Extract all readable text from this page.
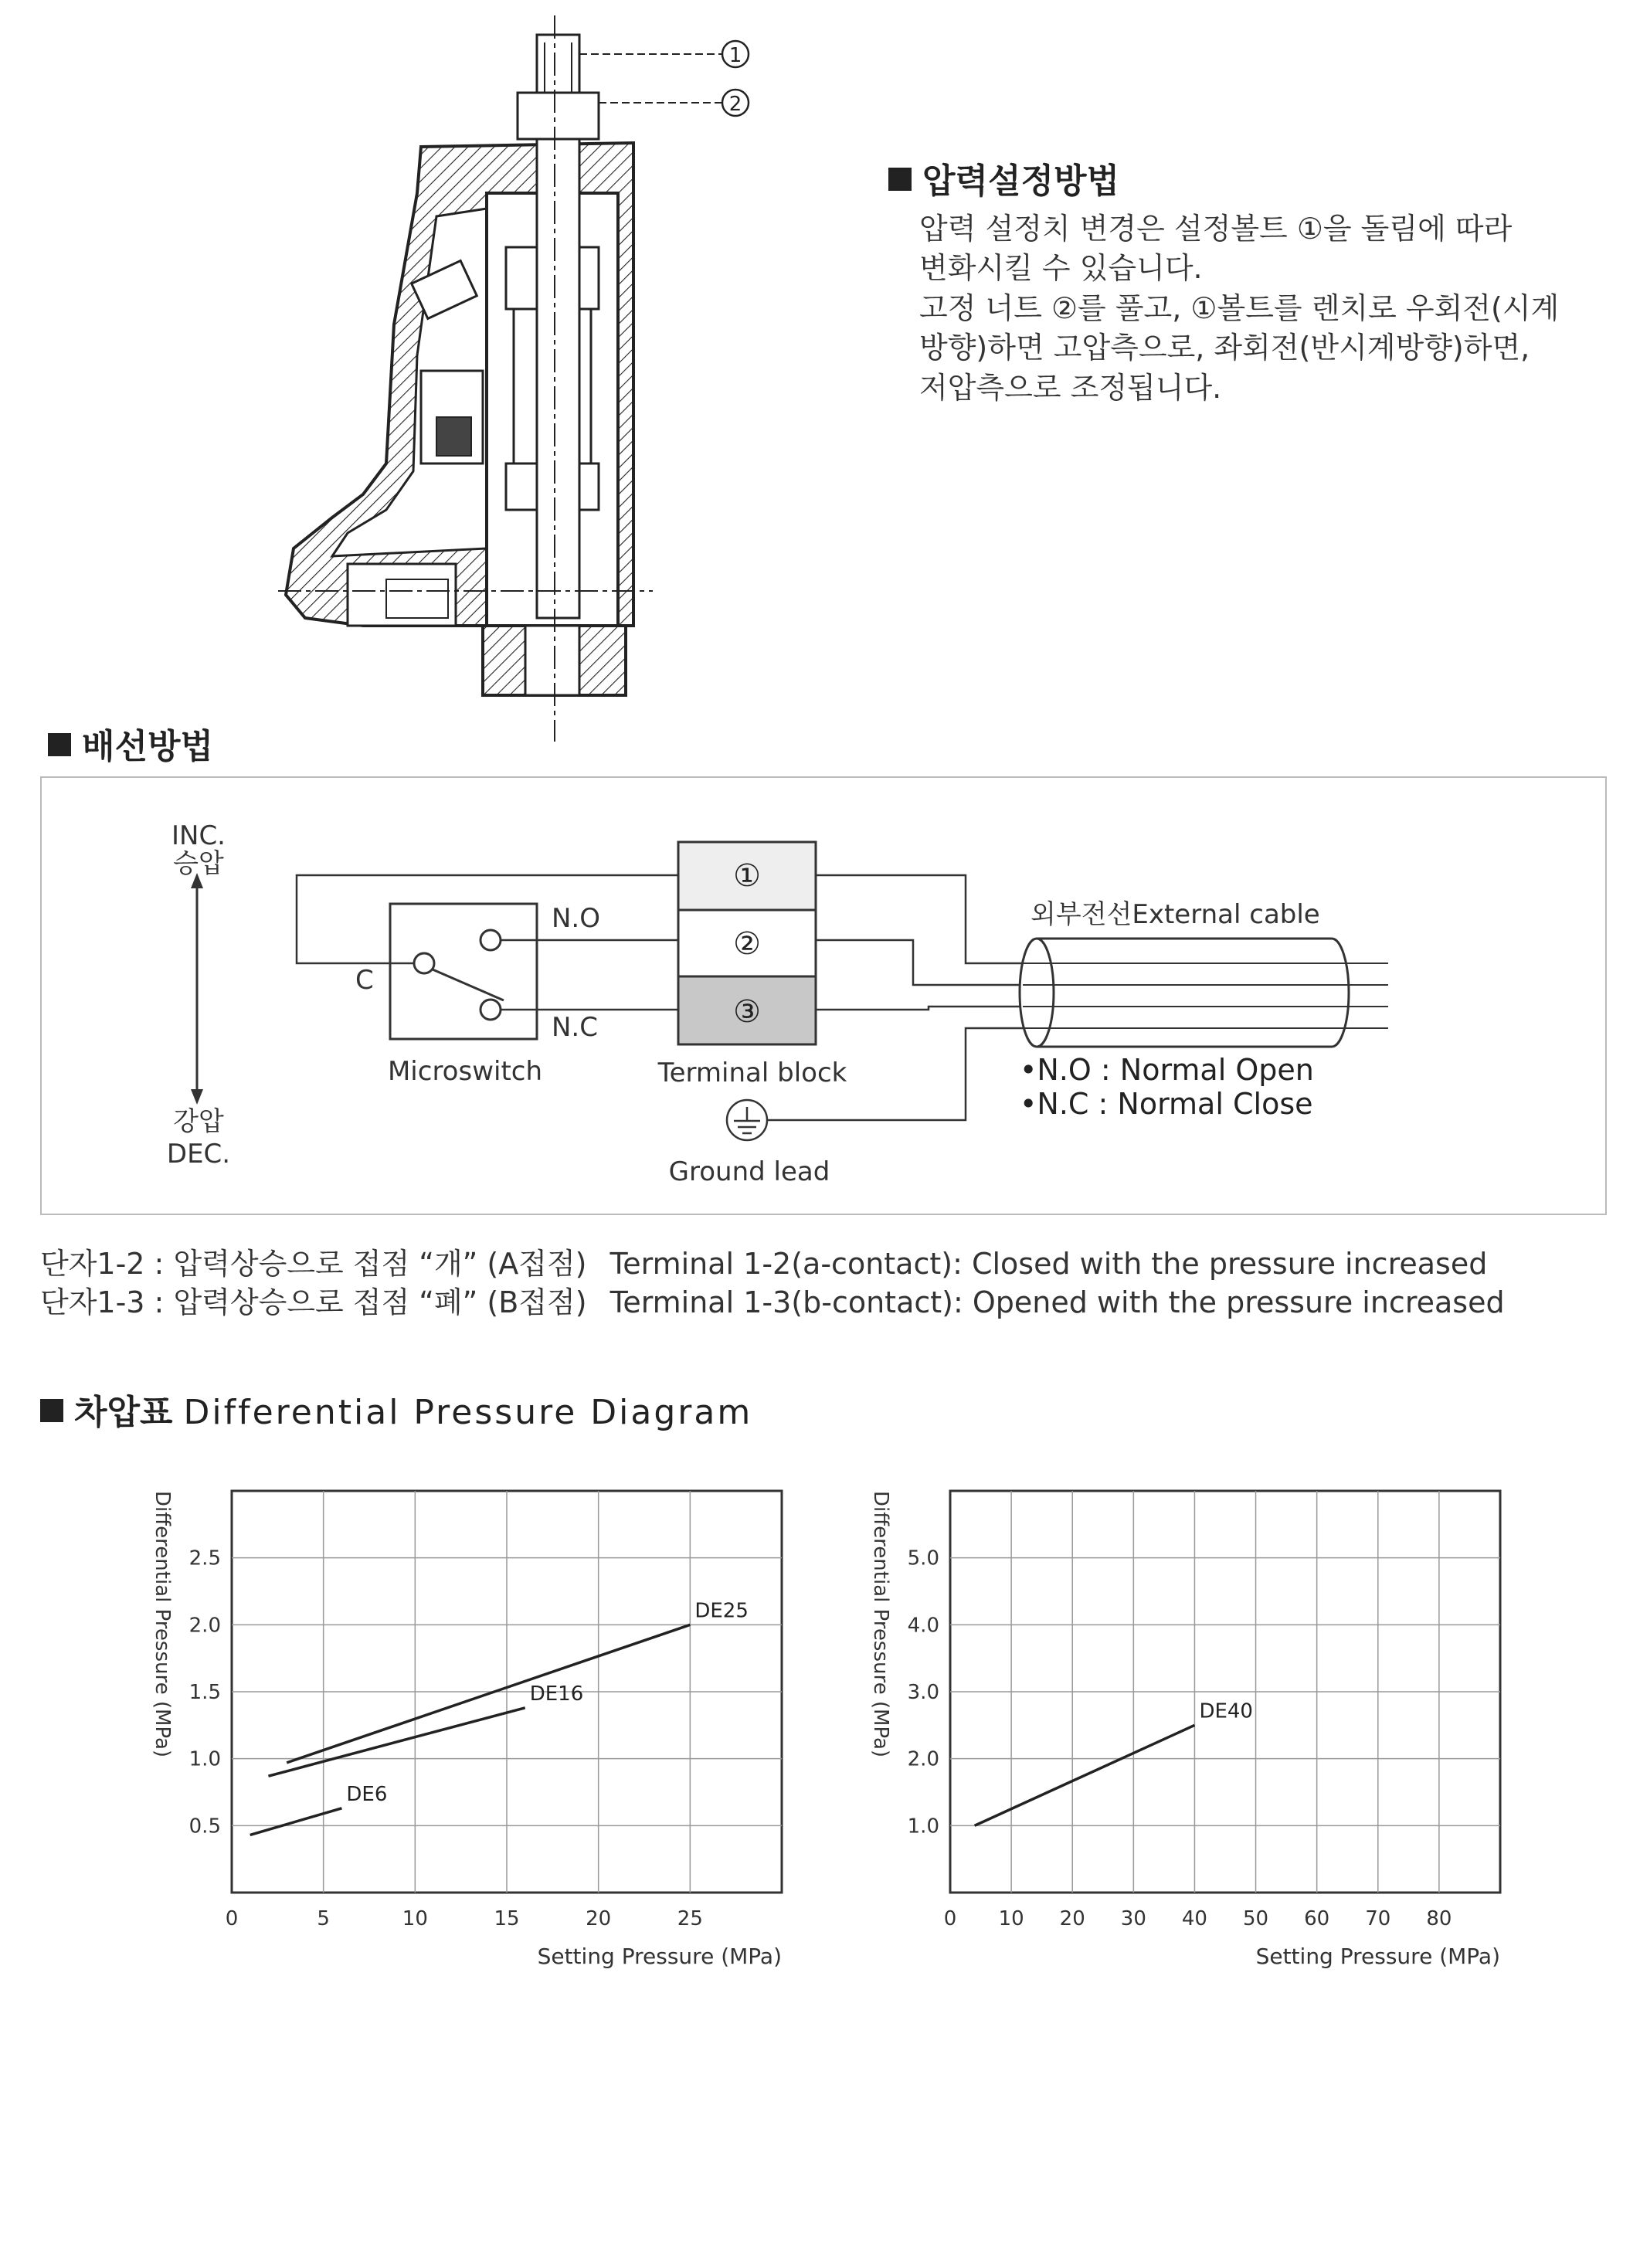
1
2
압력설정방법
압력 설정치 변경은 설정볼트 ①을 돌림에 따라
변화시킬 수 있습니다.
고정 너트 ②를 풀고, ①볼트를 렌치로 우회전(시계
방향)하면 고압측으로, 좌회전(반시계방향)하면,
저압측으로 조정됩니다.
배선방법
INC.
승압
강압
DEC.
C
N.O
N.C
Microswitch
①
②
③
Terminal block
Ground lead
외부전선External cable
•N.O : Normal Open
•N.C : Normal Close
단자1-2 : 압력상승으로 접점 “개” (A접점) Terminal 1-2(a-contact): Closed with the pressure increased
단자1-3 : 압력상승으로 접점 “폐” (B접점) Terminal 1-3(b-contact): Opened with the pressure increased
차압표 Differential Pressure Diagram
0	5	10	15	20	25
0.5
1.0
1.5
2.0
2.5
Setting Pressure (MPa)
Differential Pressure (MPa)
DE6
DE16
DE25
0 10 20 30 40 50 60 70 80
1.0
2.0
3.0
4.0
5.0
Setting Pressure (MPa)
Differential Pressure (MPa)	DE40
